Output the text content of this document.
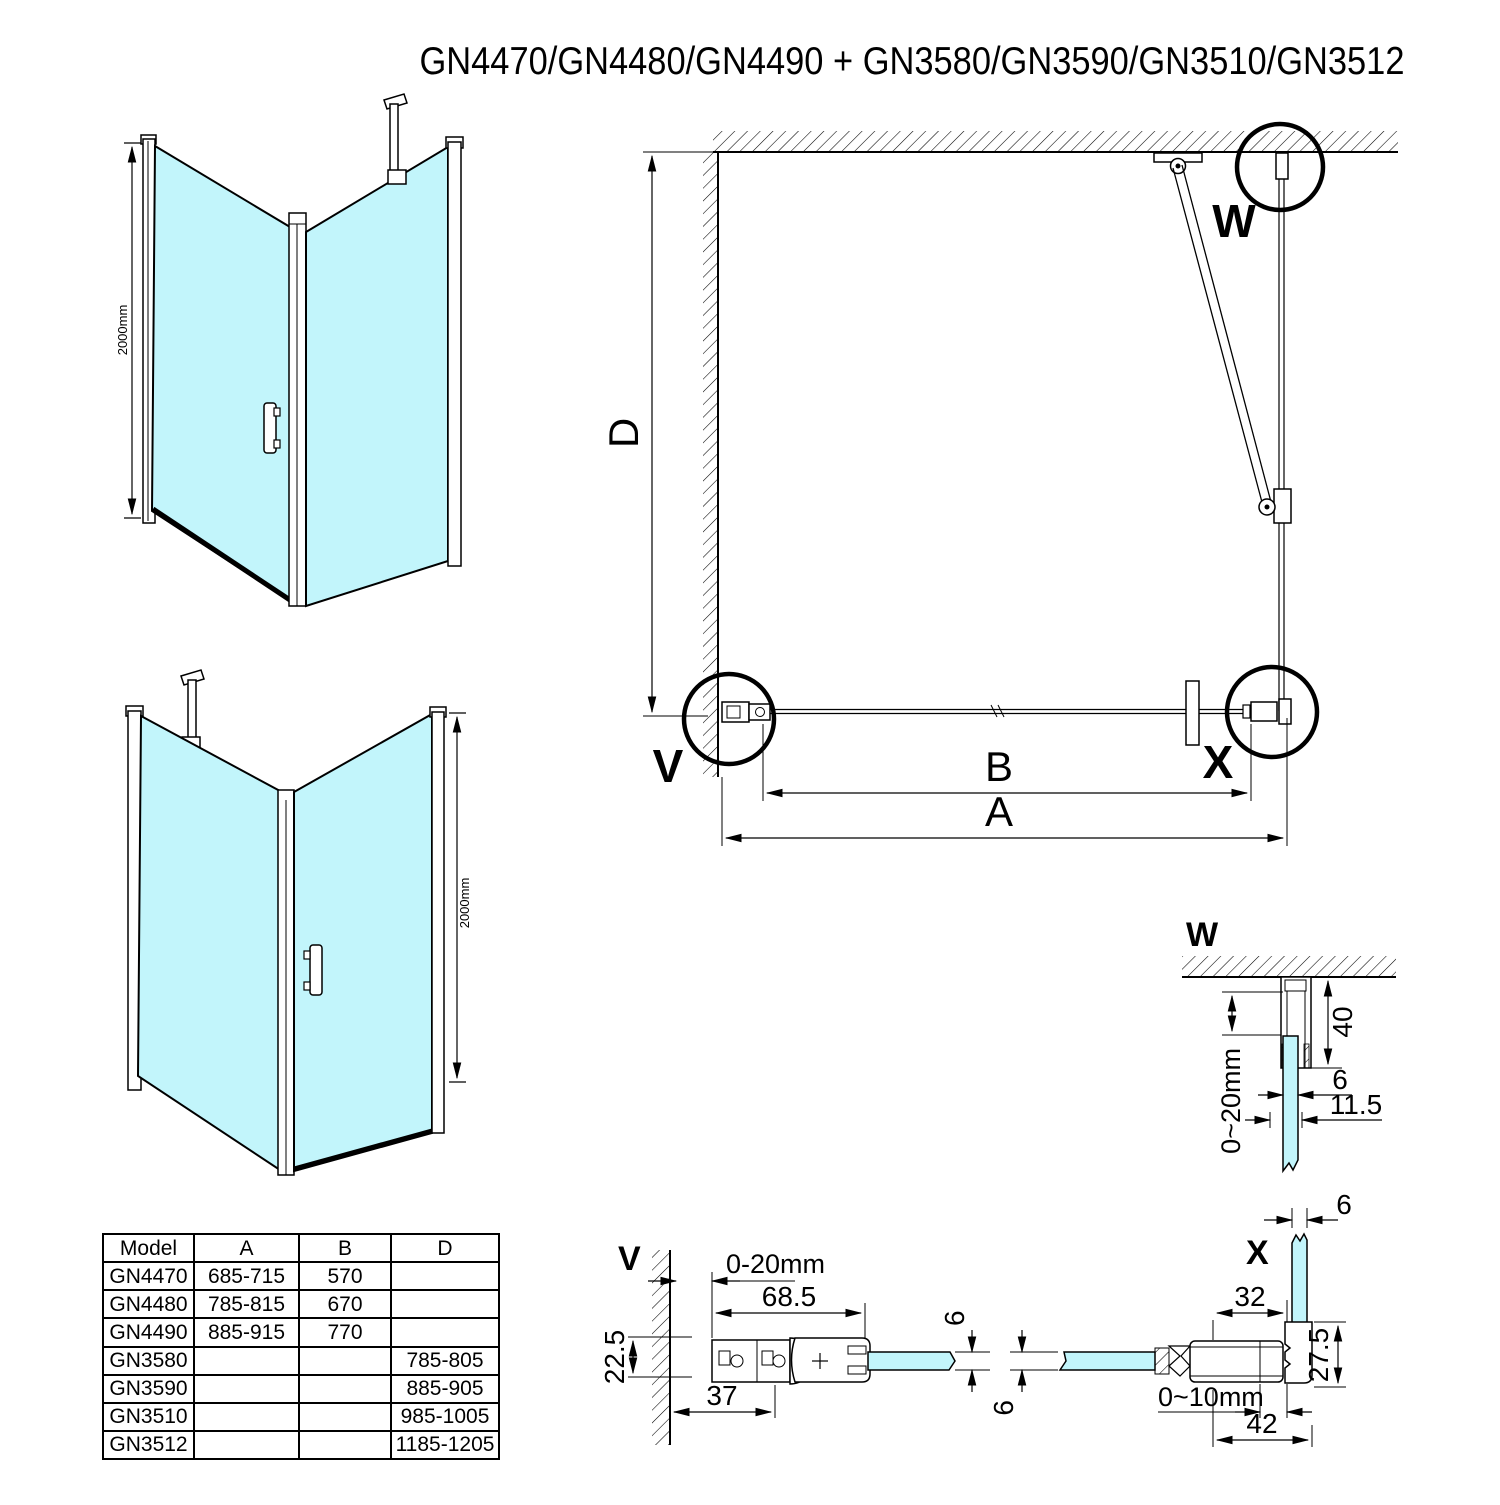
GN4470/GN4480/GN4490 + GN3580/GN3590/GN3510/GN3512
2000mm
2000mm
D
V	X
W
B
A
W
0~20mm
40
6
11.5
6
X
32
27.5
6	0~10mm
42
V	0-20mm
68.5
22.5
37
6
Model	A	B	D
GN4470	685-715	570	
GN4480	785-815	670	
GN4490	885-915	770	
GN3580			785-805
GN3590			885-905
GN3510			985-1005
GN3512			1185-1205
